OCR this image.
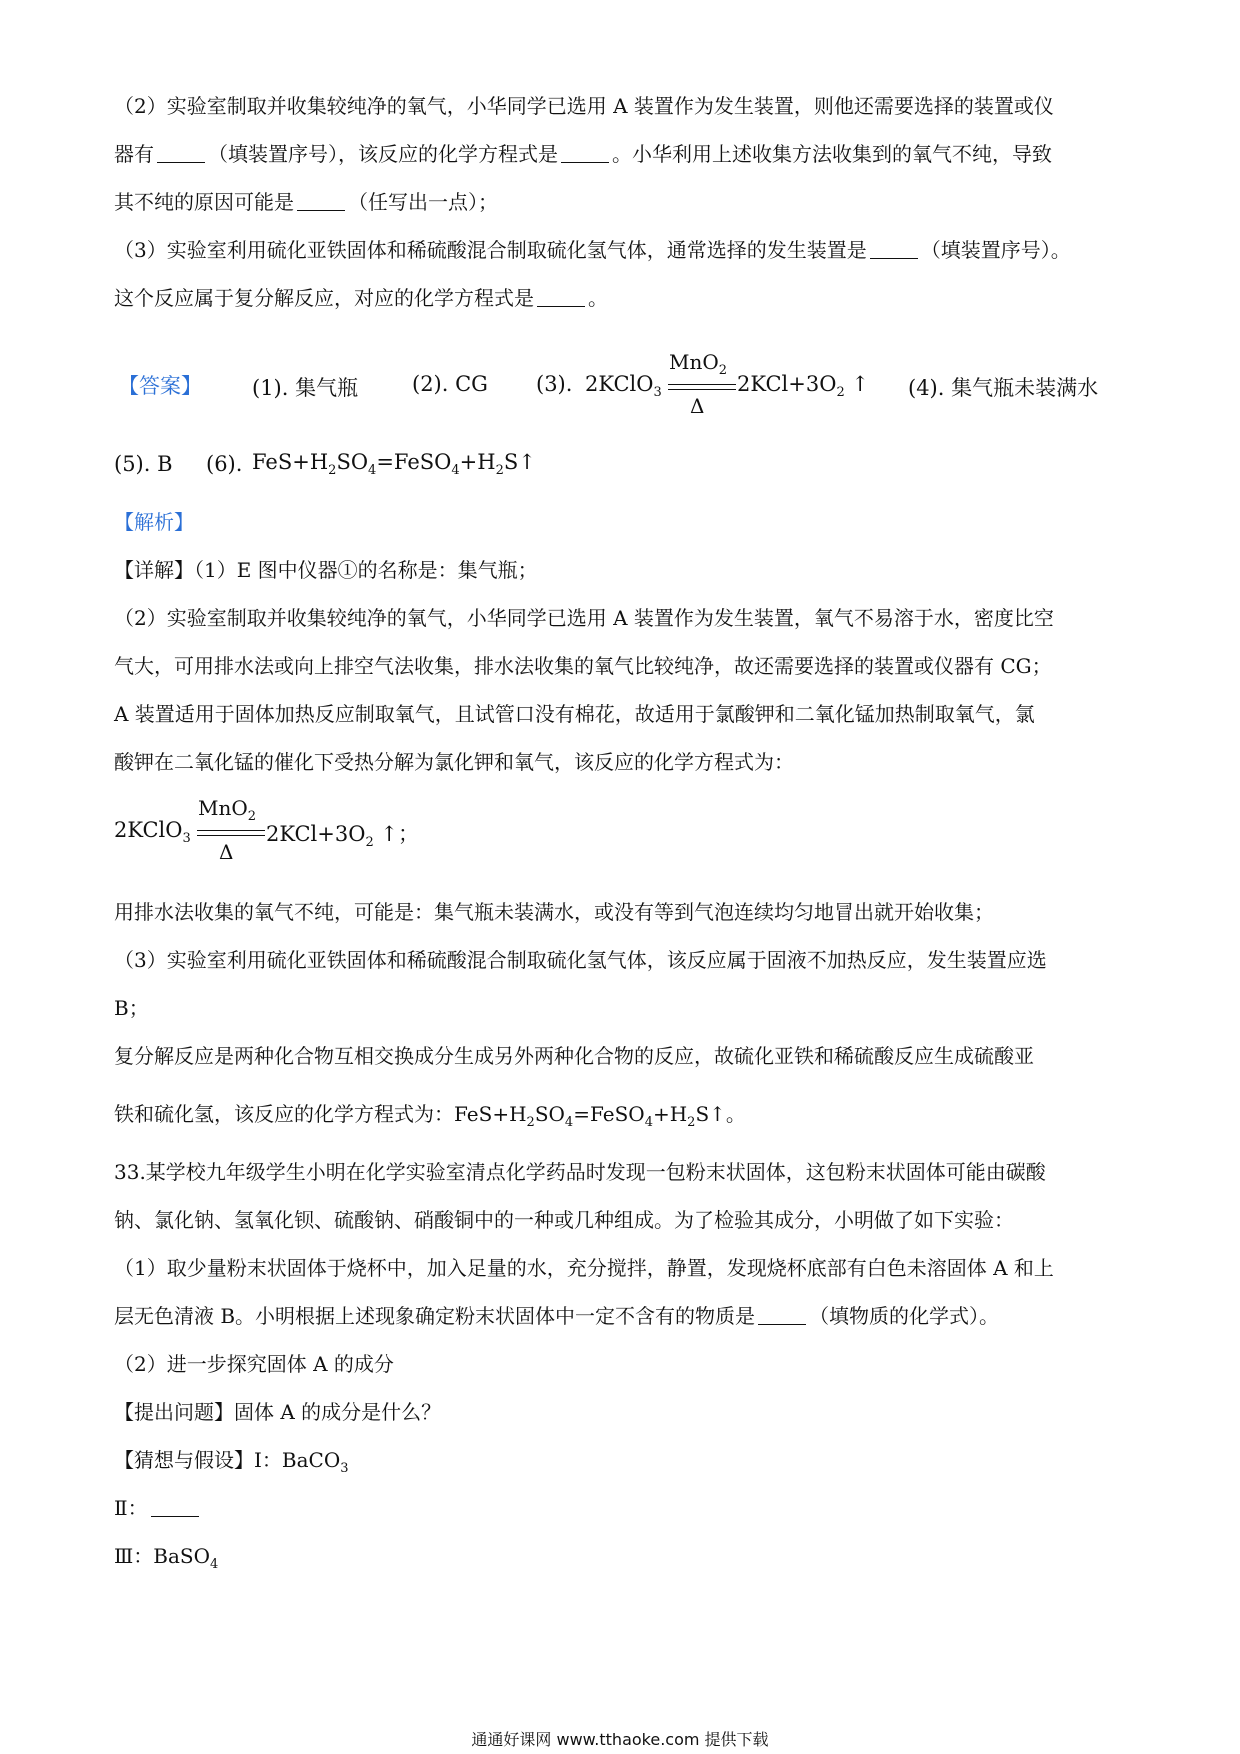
（2）实验室制取并收集较纯净的氧气，小华同学已选用 A 装置作为发生装置，则他还需要选择的装置或仪
器有	（填装置序号），该反应的化学方程式是	。小华利用上述收集方法收集到的氧气不纯，导致
其不纯的原因可能是	（任写出一点）；
（3）实验室利用硫化亚铁固体和稀硫酸混合制取硫化氢气体，通常选择的发生装置是	（填装置序号）。
这个反应属于复分解反应，对应的化学方程式是	。
【答案】 (1). 集气瓶	(2). CG (3). 2KClO$_3$
MnO$_2$
Δ
$2KCl+3O_2$ ↑ (4). 集气瓶未装满水
(5). B (6). $FeS+H_2SO_4=FeSO_4+H_2S↑$
【解析】
【详解】（1）E 图中仪器①的名称是：集气瓶；
（2）实验室制取并收集较纯净的氧气，小华同学已选用 A 装置作为发生装置，氧气不易溶于水，密度比空
气大，可用排水法或向上排空气法收集，排水法收集的氧气比较纯净，故还需要选择的装置或仪器有 CG；
A 装置适用于固体加热反应制取氧气，且试管口没有棉花，故适用于氯酸钾和二氧化锰加热制取氧气，氯
酸钾在二氧化锰的催化下受热分解为氯化钾和氧气，该反应的化学方程式为：
2KClO$_3$
MnO$_2$
Δ
$2KCl+3O_2$ ↑；
用排水法收集的氧气不纯，可能是：集气瓶未装满水，或没有等到气泡连续均匀地冒出就开始收集；
（3）实验室利用硫化亚铁固体和稀硫酸混合制取硫化氢气体，该反应属于固液不加热反应，发生装置应选
B；
复分解反应是两种化合物互相交换成分生成另外两种化合物的反应，故硫化亚铁和稀硫酸反应生成硫酸亚
铁和硫化氢，该反应的化学方程式为：$FeS+H_2SO_4=FeSO_4+H_2S↑$。
33.某学校九年级学生小明在化学实验室清点化学药品时发现一包粉末状固体，这包粉末状固体可能由碳酸
钠、氯化钠、氢氧化钡、硫酸钠、硝酸铜中的一种或几种组成。为了检验其成分，小明做了如下实验：
（1）取少量粉末状固体于烧杯中，加入足量的水，充分搅拌，静置，发现烧杯底部有白色未溶固体 A 和上
层无色清液 B。小明根据上述现象确定粉末状固体中一定不含有的物质是	（填物质的化学式）。
（2）进一步探究固体 A 的成分
【提出问题】固体 A 的成分是什么？
【猜想与假设】Ⅰ：BaCO$_3$
Ⅱ：
Ⅲ：BaSO$_4$
通通好课网 www.tthaoke.com 提供下载
